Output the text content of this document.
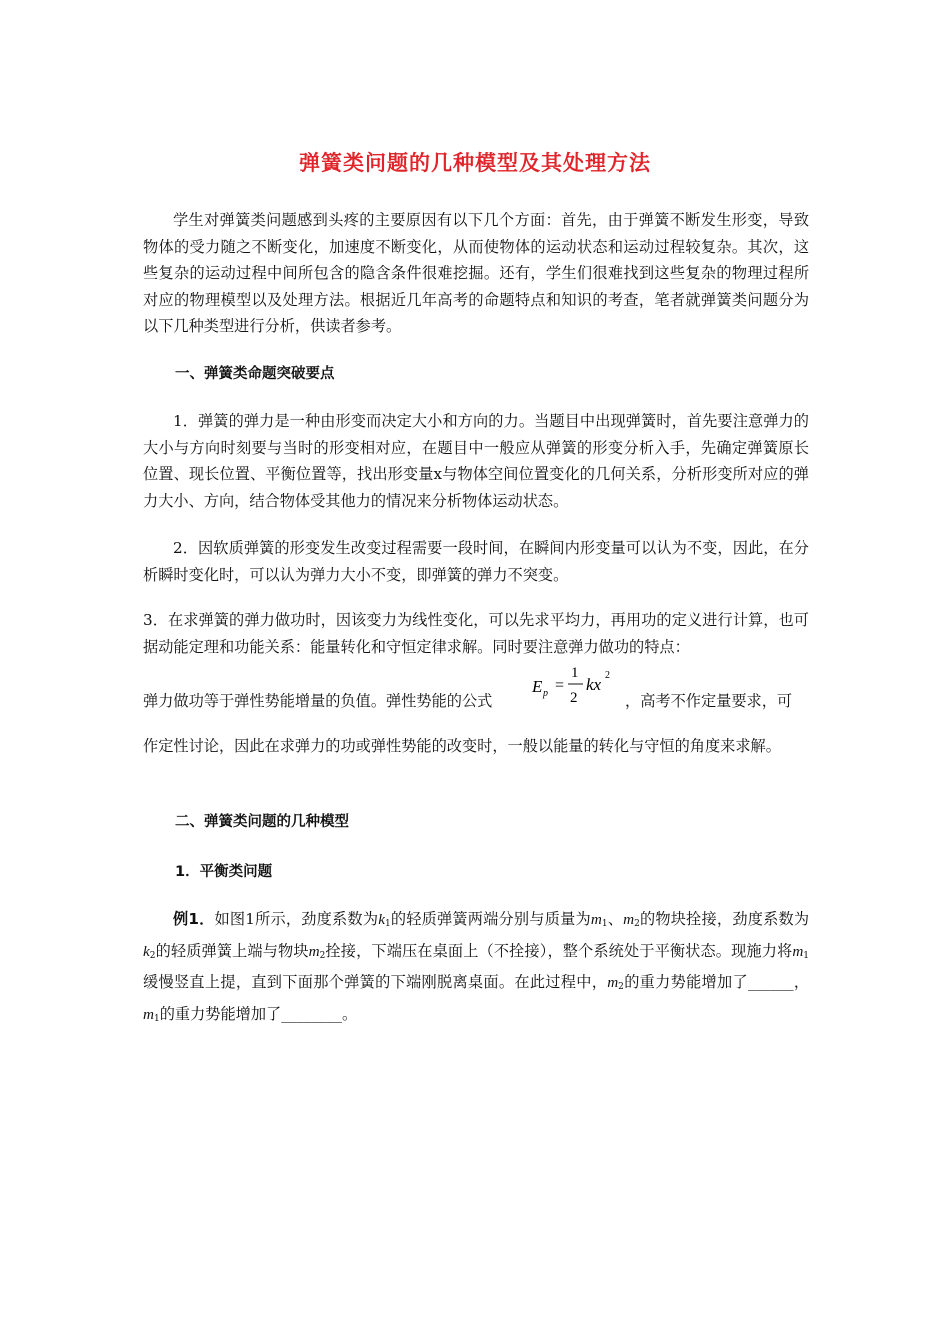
弹簧类问题的几种模型及其处理方法
学生对弹簧类问题感到头疼的主要原因有以下几个方面：首先，由于弹簧不断发生形变，导致物体的受力随之不断变化，加速度不断变化，从而使物体的运动状态和运动过程较复杂。其次，这些复杂的运动过程中间所包含的隐含条件很难挖掘。还有，学生们很难找到这些复杂的物理过程所对应的物理模型以及处理方法。根据近几年高考的命题特点和知识的考查，笔者就弹簧类问题分为以下几种类型进行分析，供读者参考。
一、弹簧类命题突破要点
1．弹簧的弹力是一种由形变而决定大小和方向的力。当题目中出现弹簧时，首先要注意弹力的大小与方向时刻要与当时的形变相对应，在题目中一般应从弹簧的形变分析入手，先确定弹簧原长位置、现长位置、平衡位置等，找出形变量x与物体空间位置变化的几何关系，分析形变所对应的弹力大小、方向，结合物体受其他力的情况来分析物体运动状态。
2．因软质弹簧的形变发生改变过程需要一段时间，在瞬间内形变量可以认为不变，因此，在分析瞬时变化时，可以认为弹力大小不变，即弹簧的弹力不突变。
3．在求弹簧的弹力做功时，因该变力为线性变化，可以先求平均力，再用功的定义进行计算，也可据动能定理和功能关系：能量转化和守恒定律求解。同时要注意弹力做功的特点：
弹力做功等于弹性势能增量的负值。弹性势能的公式
E p =
1
2
kx 2
，高考不作定量要求，可
作定性讨论，因此在求弹力的功或弹性势能的改变时，一般以能量的转化与守恒的角度来求解。
二、弹簧类问题的几种模型
1．平衡类问题
例1．如图1所示，劲度系数为$k_1$的轻质弹簧两端分别与质量为$m_1$、$m_2$的物块拴接，劲度系数为$k_2$的轻质弹簧上端与物块$m_2$拴接，下端压在桌面上（不拴接），整个系统处于平衡状态。现施力将$m_1$缓慢竖直上提，直到下面那个弹簧的下端刚脱离桌面。在此过程中，$m_2$的重力势能增加了______，$m_1$的重力势能增加了________。
